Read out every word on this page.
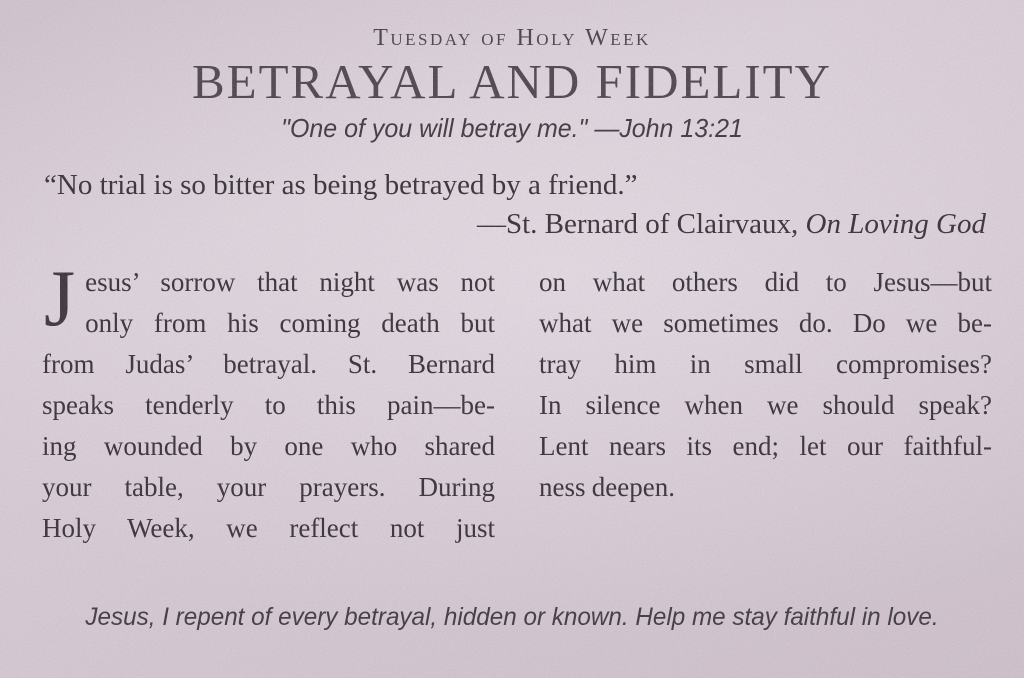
Tuesday of Holy Week
BETRAYAL AND FIDELITY
"One of you will betray me." —John 13:21
“No trial is so bitter as being betrayed by a friend.”
—St. Bernard of Clairvaux, On Loving God
J esus’ sorrow that night was not
only from his coming death but
from Judas’ betrayal. St. Bernard
speaks tenderly to this pain—be-
ing wounded by one who shared
your table, your prayers. During
Holy Week, we reflect not just
on what others did to Jesus—but
what we sometimes do. Do we be-
tray him in small compromises?
In silence when we should speak?
Lent nears its end; let our faithful-
ness deepen.
Jesus, I repent of every betrayal, hidden or known. Help me stay faithful in love.
